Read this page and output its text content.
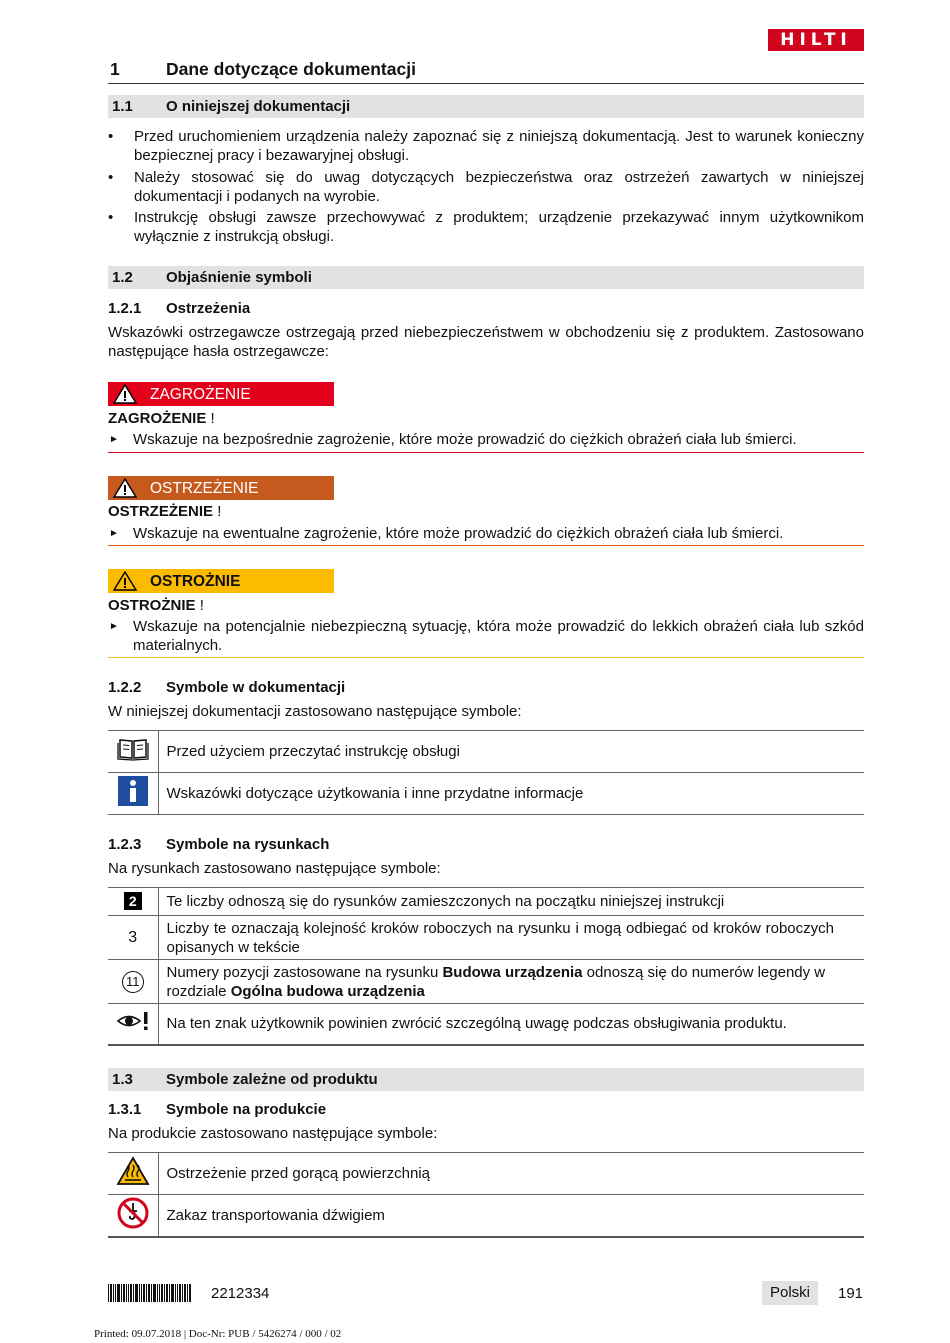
HILTI
1	Dane dotyczące dokumentacji
1.1 O niniejszej dokumentacji
• Przed uruchomieniem urządzenia należy zapoznać się z niniejszą dokumentacją. Jest to warunek konieczny bezpiecznej pracy i bezawaryjnej obsługi.
• Należy stosować się do uwag dotyczących bezpieczeństwa oraz ostrzeżeń zawartych w niniejszej dokumentacji i podanych na wyrobie.
• Instrukcję obsługi zawsze przechowywać z produktem; urządzenie przekazywać innym użytkownikom wyłącznie z instrukcją obsługi.
1.2 Objaśnienie symboli
1.2.1 Ostrzeżenia
Wskazówki ostrzegawcze ostrzegają przed niebezpieczeństwem w obchodzeniu się z produktem. Zastosowano następujące hasła ostrzegawcze:
ZAGROŻENIE
ZAGROŻENIE !
► Wskazuje na bezpośrednie zagrożenie, które może prowadzić do ciężkich obrażeń ciała lub śmierci.
OSTRZEŻENIE
OSTRZEŻENIE !
► Wskazuje na ewentualne zagrożenie, które może prowadzić do ciężkich obrażeń ciała lub śmierci.
OSTROŻNIE
OSTROŻNIE !
► Wskazuje na potencjalnie niebezpieczną sytuację, która może prowadzić do lekkich obrażeń ciała lub szkód materialnych.
1.2.2 Symbole w dokumentacji
W niniejszej dokumentacji zastosowano następujące symbole:
	Przed użyciem przeczytać instrukcję obsługi
	Wskazówki dotyczące użytkowania i inne przydatne informacje
1.2.3 Symbole na rysunkach
Na rysunkach zastosowano następujące symbole:
2	Te liczby odnoszą się do rysunków zamieszczonych na początku niniejszej instrukcji
3	Liczby te oznaczają kolejność kroków roboczych na rysunku i mogą odbiegać od kroków roboczych opisanych w tekście
11	Numery pozycji zastosowane na rysunku Budowa urządzenia odnoszą się do numerów legendy w rozdziale Ogólna budowa urządzenia
	Na ten znak użytkownik powinien zwrócić szczególną uwagę podczas obsługiwania produktu.
1.3 Symbole zależne od produktu
1.3.1 Symbole na produkcie
Na produkcie zastosowano następujące symbole:
	Ostrzeżenie przed gorącą powierzchnią
	Zakaz transportowania dźwigiem
2212334	Polski	191
Printed: 09.07.2018 | Doc-Nr: PUB / 5426274 / 000 / 02
